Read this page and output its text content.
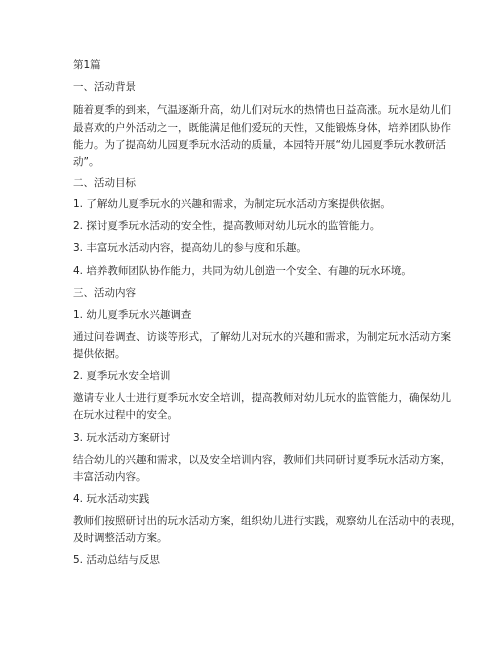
第1篇
一、活动背景
随着夏季的到来，气温逐渐升高，幼儿们对玩水的热情也日益高涨。玩水是幼儿们
最喜欢的户外活动之一，既能满足他们爱玩的天性，又能锻炼身体，培养团队协作
能力。为了提高幼儿园夏季玩水活动的质量，本园特开展“幼儿园夏季玩水教研活
动”。
二、活动目标
1. 了解幼儿夏季玩水的兴趣和需求，为制定玩水活动方案提供依据。
2. 探讨夏季玩水活动的安全性，提高教师对幼儿玩水的监管能力。
3. 丰富玩水活动内容，提高幼儿的参与度和乐趣。
4. 培养教师团队协作能力，共同为幼儿创造一个安全、有趣的玩水环境。
三、活动内容
1. 幼儿夏季玩水兴趣调查
通过问卷调查、访谈等形式，了解幼儿对玩水的兴趣和需求，为制定玩水活动方案
提供依据。
2. 夏季玩水安全培训
邀请专业人士进行夏季玩水安全培训，提高教师对幼儿玩水的监管能力，确保幼儿
在玩水过程中的安全。
3. 玩水活动方案研讨
结合幼儿的兴趣和需求，以及安全培训内容，教师们共同研讨夏季玩水活动方案，
丰富活动内容。
4. 玩水活动实践
教师们按照研讨出的玩水活动方案，组织幼儿进行实践，观察幼儿在活动中的表现，
及时调整活动方案。
5. 活动总结与反思
